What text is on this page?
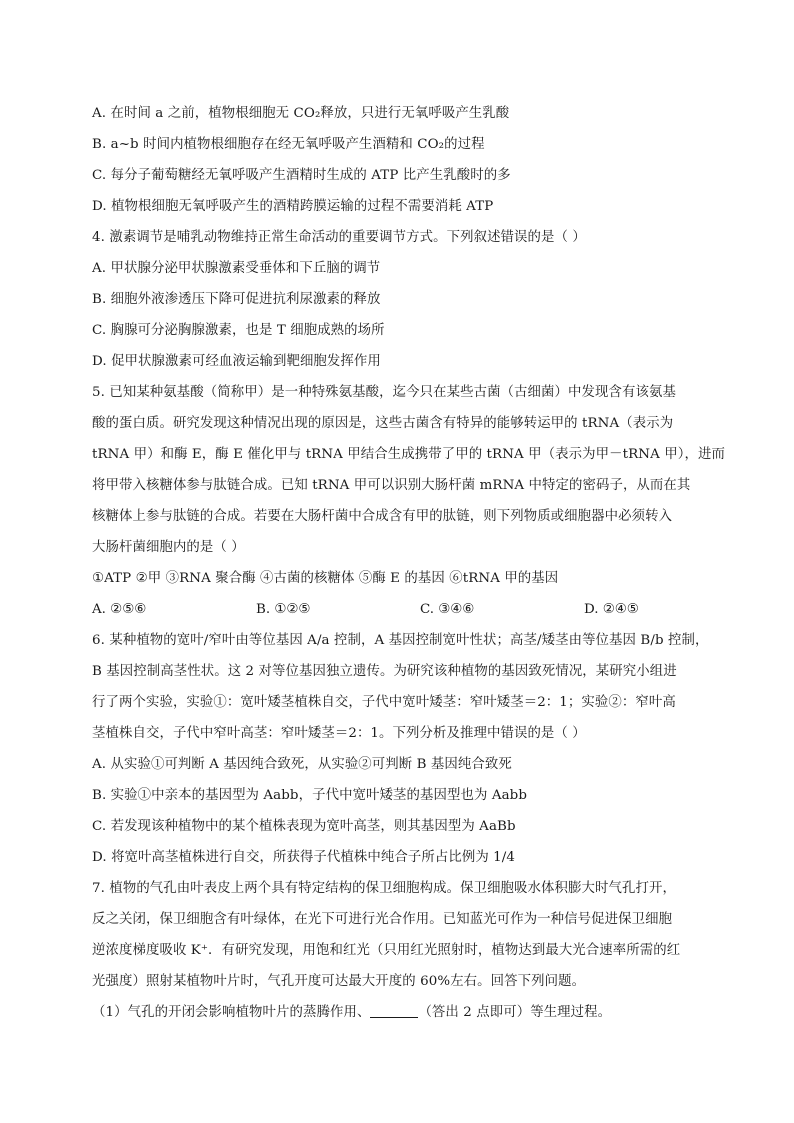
A. 在时间 a 之前，植物根细胞无 CO₂释放，只进行无氧呼吸产生乳酸
B. a~b 时间内植物根细胞存在经无氧呼吸产生酒精和 CO₂的过程
C. 每分子葡萄糖经无氧呼吸产生酒精时生成的 ATP 比产生乳酸时的多
D. 植物根细胞无氧呼吸产生的酒精跨膜运输的过程不需要消耗 ATP
4. 激素调节是哺乳动物维持正常生命活动的重要调节方式。下列叙述错误的是（ ）
A. 甲状腺分泌甲状腺激素受垂体和下丘脑的调节
B. 细胞外液渗透压下降可促进抗利尿激素的释放
C. 胸腺可分泌胸腺激素，也是 T 细胞成熟的场所
D. 促甲状腺激素可经血液运输到靶细胞发挥作用
5. 已知某种氨基酸（简称甲）是一种特殊氨基酸，迄今只在某些古菌（古细菌）中发现含有该氨基
酸的蛋白质。研究发现这种情况出现的原因是，这些古菌含有特异的能够转运甲的 tRNA（表示为
tRNA 甲）和酶 E，酶 E 催化甲与 tRNA 甲结合生成携带了甲的 tRNA 甲（表示为甲－tRNA 甲），进而
将甲带入核糖体参与肽链合成。已知 tRNA 甲可以识别大肠杆菌 mRNA 中特定的密码子，从而在其
核糖体上参与肽链的合成。若要在大肠杆菌中合成含有甲的肽链，则下列物质或细胞器中必须转入
大肠杆菌细胞内的是（ ）
①ATP ②甲 ③RNA 聚合酶 ④古菌的核糖体 ⑤酶 E 的基因 ⑥tRNA 甲的基因
A. ②⑤⑥	B. ①②⑤	C. ③④⑥	D. ②④⑤
6. 某种植物的宽叶/窄叶由等位基因 A/a 控制，A 基因控制宽叶性状；高茎/矮茎由等位基因 B/b 控制，
B 基因控制高茎性状。这 2 对等位基因独立遗传。为研究该种植物的基因致死情况，某研究小组进
行了两个实验，实验①：宽叶矮茎植株自交，子代中宽叶矮茎：窄叶矮茎＝2：1；实验②：窄叶高
茎植株自交，子代中窄叶高茎：窄叶矮茎＝2：1。下列分析及推理中错误的是（ ）
A. 从实验①可判断 A 基因纯合致死，从实验②可判断 B 基因纯合致死
B. 实验①中亲本的基因型为 Aabb，子代中宽叶矮茎的基因型也为 Aabb
C. 若发现该种植物中的某个植株表现为宽叶高茎，则其基因型为 AaBb
D. 将宽叶高茎植株进行自交，所获得子代植株中纯合子所占比例为 1/4
7. 植物的气孔由叶表皮上两个具有特定结构的保卫细胞构成。保卫细胞吸水体积膨大时气孔打开，
反之关闭，保卫细胞含有叶绿体，在光下可进行光合作用。已知蓝光可作为一种信号促进保卫细胞
逆浓度梯度吸收 K⁺．有研究发现，用饱和红光（只用红光照射时，植物达到最大光合速率所需的红
光强度）照射某植物叶片时，气孔开度可达最大开度的 60%左右。回答下列问题。
（1）气孔的开闭会影响植物叶片的蒸腾作用、	（答出 2 点即可）等生理过程。
